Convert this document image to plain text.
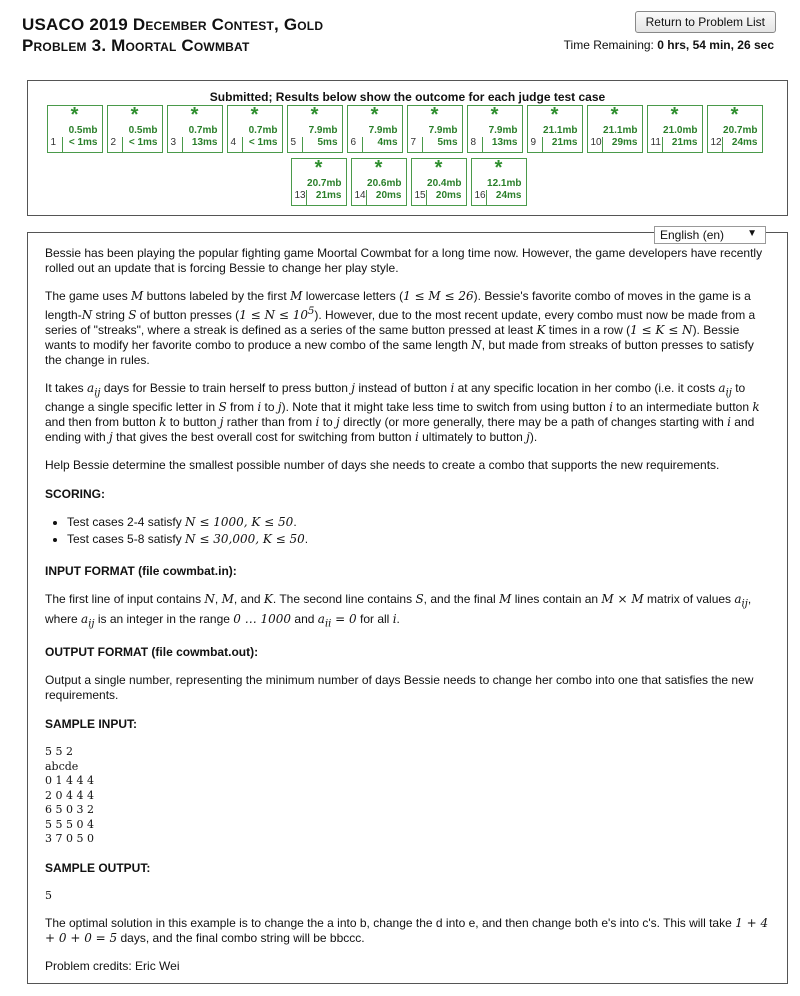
USACO 2019 December Contest, Gold
Problem 3. Moortal Cowmbat
Return to Problem List
Time Remaining: 0 hrs, 54 min, 26 sec
Submitted; Results below show the outcome for each judge test case
*
0.5mb
1 < 1ms
*
0.5mb
2 < 1ms
*
0.7mb
3 13ms
*
0.7mb
4 < 1ms
*
7.9mb
5 5ms
*
7.9mb
6 4ms
*
7.9mb
7 5ms
*
7.9mb
8 13ms
*
21.1mb
9 21ms
*
21.1mb
10 29ms
*
21.0mb
11 21ms
*
20.7mb
12 24ms
*
20.7mb
13 21ms
*
20.6mb
14 20ms
*
20.4mb
15 20ms
*
12.1mb
16 24ms
English (en) ▼

Bessie has been playing the popular fighting game Moortal Cowmbat for a long time now. However, the game developers have recently rolled out an update that is forcing Bessie to change her play style.

The game uses M buttons labeled by the first M lowercase letters (1 ≤ M ≤ 26). Bessie's favorite combo of moves in the game is a length-N string S of button presses $(1 \le N \le 10^5)$. However, due to the most recent update, every combo must now be made from a series of "streaks", where a streak is defined as a series of the same button pressed at least K times in a row (1 ≤ K ≤ N). Bessie wants to modify her favorite combo to produce a new combo of the same length N, but made from streaks of button presses to satisfy the change in rules.

It takes $a_{ij}$ days for Bessie to train herself to press button j instead of button i at any specific location in her combo (i.e. it costs $a_{ij}$ to change a single specific letter in S from i to j). Note that it might take less time to switch from using button i to an intermediate button k and then from button k to button j rather than from i to j directly (or more generally, there may be a path of changes starting with i and ending with j that gives the best overall cost for switching from button i ultimately to button j).

Help Bessie determine the smallest possible number of days she needs to create a combo that supports the new requirements.

SCORING:
• Test cases 2-4 satisfy N ≤ 1000, K ≤ 50.
• Test cases 5-8 satisfy N ≤ 30,000, K ≤ 50.
INPUT FORMAT (file cowmbat.in):

The first line of input contains N, M, and K. The second line contains S, and the final M lines contain an M × M matrix of values $a_{ij}$, where $a_{ij}$ is an integer in the range 0 … 1000 and $a_{ii} = 0$ for all i.

OUTPUT FORMAT (file cowmbat.out):

Output a single number, representing the minimum number of days Bessie needs to change her combo into one that satisfies the new requirements.

SAMPLE INPUT:
5 5 2
abcde
0 1 4 4 4
2 0 4 4 4
6 5 0 3 2
5 5 5 0 4
3 7 0 5 0
SAMPLE OUTPUT:
5

The optimal solution in this example is to change the a into b, change the d into e, and then change both e's into c's. This will take 1 + 4 + 0 + 0 = 5 days, and the final combo string will be bbccc.

Problem credits: Eric Wei
